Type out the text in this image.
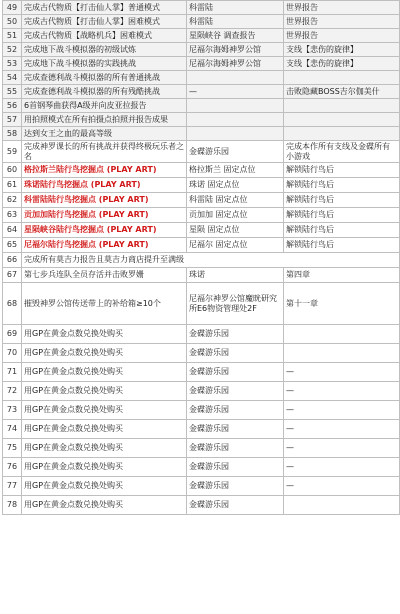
49	完成古代物质【打击仙人掌】普通模式	科雷陆	世界报告
50	完成古代物质【打击仙人掌】困难模式	科雷陆	世界报告
51	完成古代物质【战略机兵】困难模式	星陨峡谷 调查报告	世界报告
52	完成地下战斗模拟器的初级试炼	尼福尔海姆神罗公馆	支线【悲伤的旋律】
53	完成地下战斗模拟器的实践挑战	尼福尔海姆神罗公馆	支线【悲伤的旋律】
54	完成查德利战斗模拟器的所有普通挑战		
55	完成查德利战斗模拟器的所有残酷挑战	—	击败隐藏BOSS吉尔伽美什
56	6首钢琴曲获得A级并向皮亚拉报告		
57	用拍照模式在所有拍摄点拍照并报告成果		
58	达到女王之血的最高等级		
59	完成神罗课长的所有挑战并获得终极玩乐者之名	金碟游乐园	完成本作所有支线及金碟所有小游戏
60	格拉斯兰陆行鸟挖掘点 (PLAY ART)	格拉斯兰 固定点位	解锁陆行鸟后
61	珠诺陆行鸟挖掘点 (PLAY ART)	珠诺 固定点位	解锁陆行鸟后
62	科雷陆陆行鸟挖掘点 (PLAY ART)	科雷陆 固定点位	解锁陆行鸟后
63	贡加加陆行鸟挖掘点 (PLAY ART)	贡加加 固定点位	解锁陆行鸟后
64	星陨峡谷陆行鸟挖掘点 (PLAY ART)	星陨 固定点位	解锁陆行鸟后
65	尼福尔陆行鸟挖掘点 (PLAY ART)	尼福尔 固定点位	解锁陆行鸟后
66	完成所有莫吉力报告且莫吉力商店提升至满级		
67	第七步兵连队全员存活并击败罗姗	珠诺	第四章
68	摧毁神罗公馆传送带上的补给箱≥10个	尼福尔神罗公馆魔晄研究所E6物资管理处2F	第十一章
69	用GP在黄金点数兑换处购买	金碟游乐园	
70	用GP在黄金点数兑换处购买	金碟游乐园	
71	用GP在黄金点数兑换处购买	金碟游乐园	—
72	用GP在黄金点数兑换处购买	金碟游乐园	—
73	用GP在黄金点数兑换处购买	金碟游乐园	—
74	用GP在黄金点数兑换处购买	金碟游乐园	—
75	用GP在黄金点数兑换处购买	金碟游乐园	—
76	用GP在黄金点数兑换处购买	金碟游乐园	—
77	用GP在黄金点数兑换处购买	金碟游乐园	—
78	用GP在黄金点数兑换处购买	金碟游乐园	
